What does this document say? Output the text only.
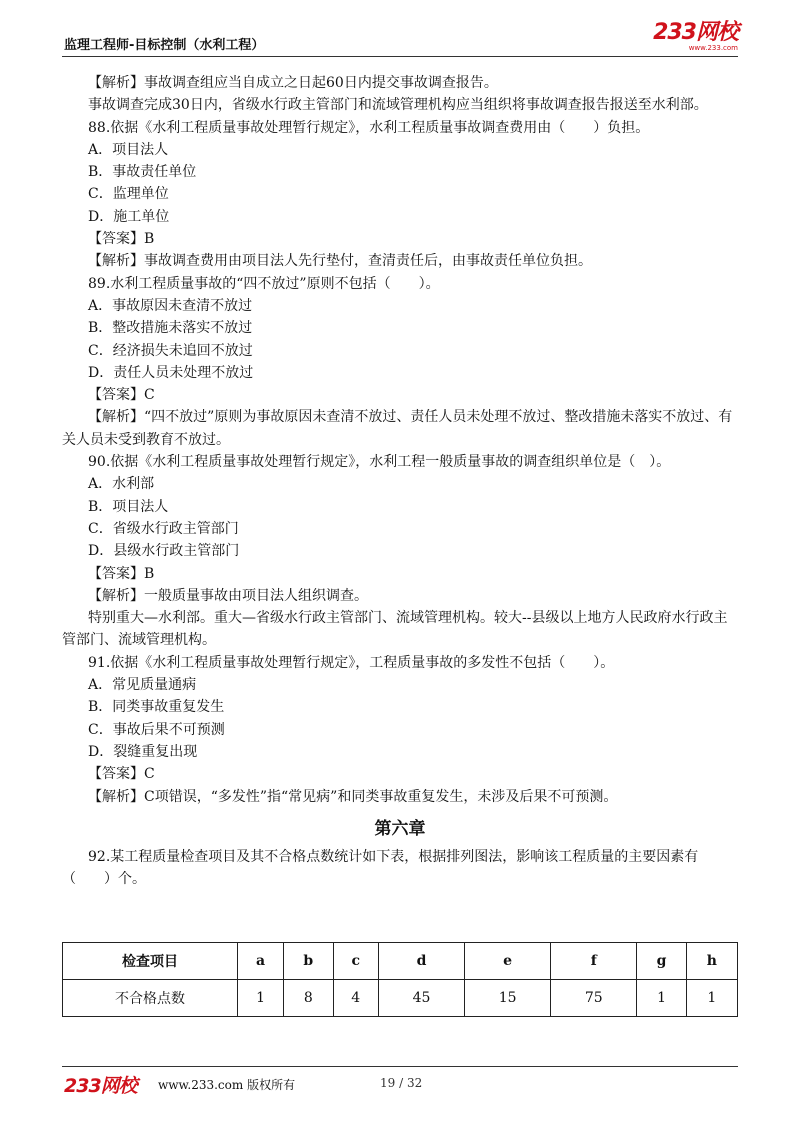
监理工程师-目标控制（水利工程）
233网校
www.233.com

【解析】事故调查组应当自成立之日起60日内提交事故调查报告。

事故调查完成30日内，省级水行政主管部门和流域管理机构应当组织将事故调查报告报送至水利部。

88.依据《水利工程质量事故处理暂行规定》，水利工程质量事故调查费用由（　　）负担。

A．项目法人

B．事故责任单位

C．监理单位

D．施工单位

【答案】B

【解析】事故调查费用由项目法人先行垫付，查清责任后，由事故责任单位负担。

89.水利工程质量事故的“四不放过”原则不包括（　　）。

A．事故原因未查清不放过

B．整改措施未落实不放过

C．经济损失未追回不放过

D．责任人员未处理不放过

【答案】C

【解析】“四不放过”原则为事故原因未查清不放过、责任人员未处理不放过、整改措施未落实不放过、有关人员未受到教育不放过。

90.依据《水利工程质量事故处理暂行规定》，水利工程一般质量事故的调查组织单位是（　）。

A．水利部

B．项目法人

C．省级水行政主管部门

D．县级水行政主管部门

【答案】B

【解析】一般质量事故由项目法人组织调查。

特别重大—水利部。重大—省级水行政主管部门、流域管理机构。较大--县级以上地方人民政府水行政主管部门、流域管理机构。

91.依据《水利工程质量事故处理暂行规定》，工程质量事故的多发性不包括（　　）。

A．常见质量通病

B．同类事故重复发生

C．事故后果不可预测

D．裂缝重复出现

【答案】C

【解析】C项错误，“多发性”指“常见病”和同类事故重复发生，未涉及后果不可预测。

第六章

92.某工程质量检查项目及其不合格点数统计如下表，根据排列图法，影响该工程质量的主要因素有（　　）个。

检查项目	a	b	c	d	e	f	g	h
不合格点数	1	8	4	45	15	75	1	1
233网校 www.233.com 版权所有	19 / 32
